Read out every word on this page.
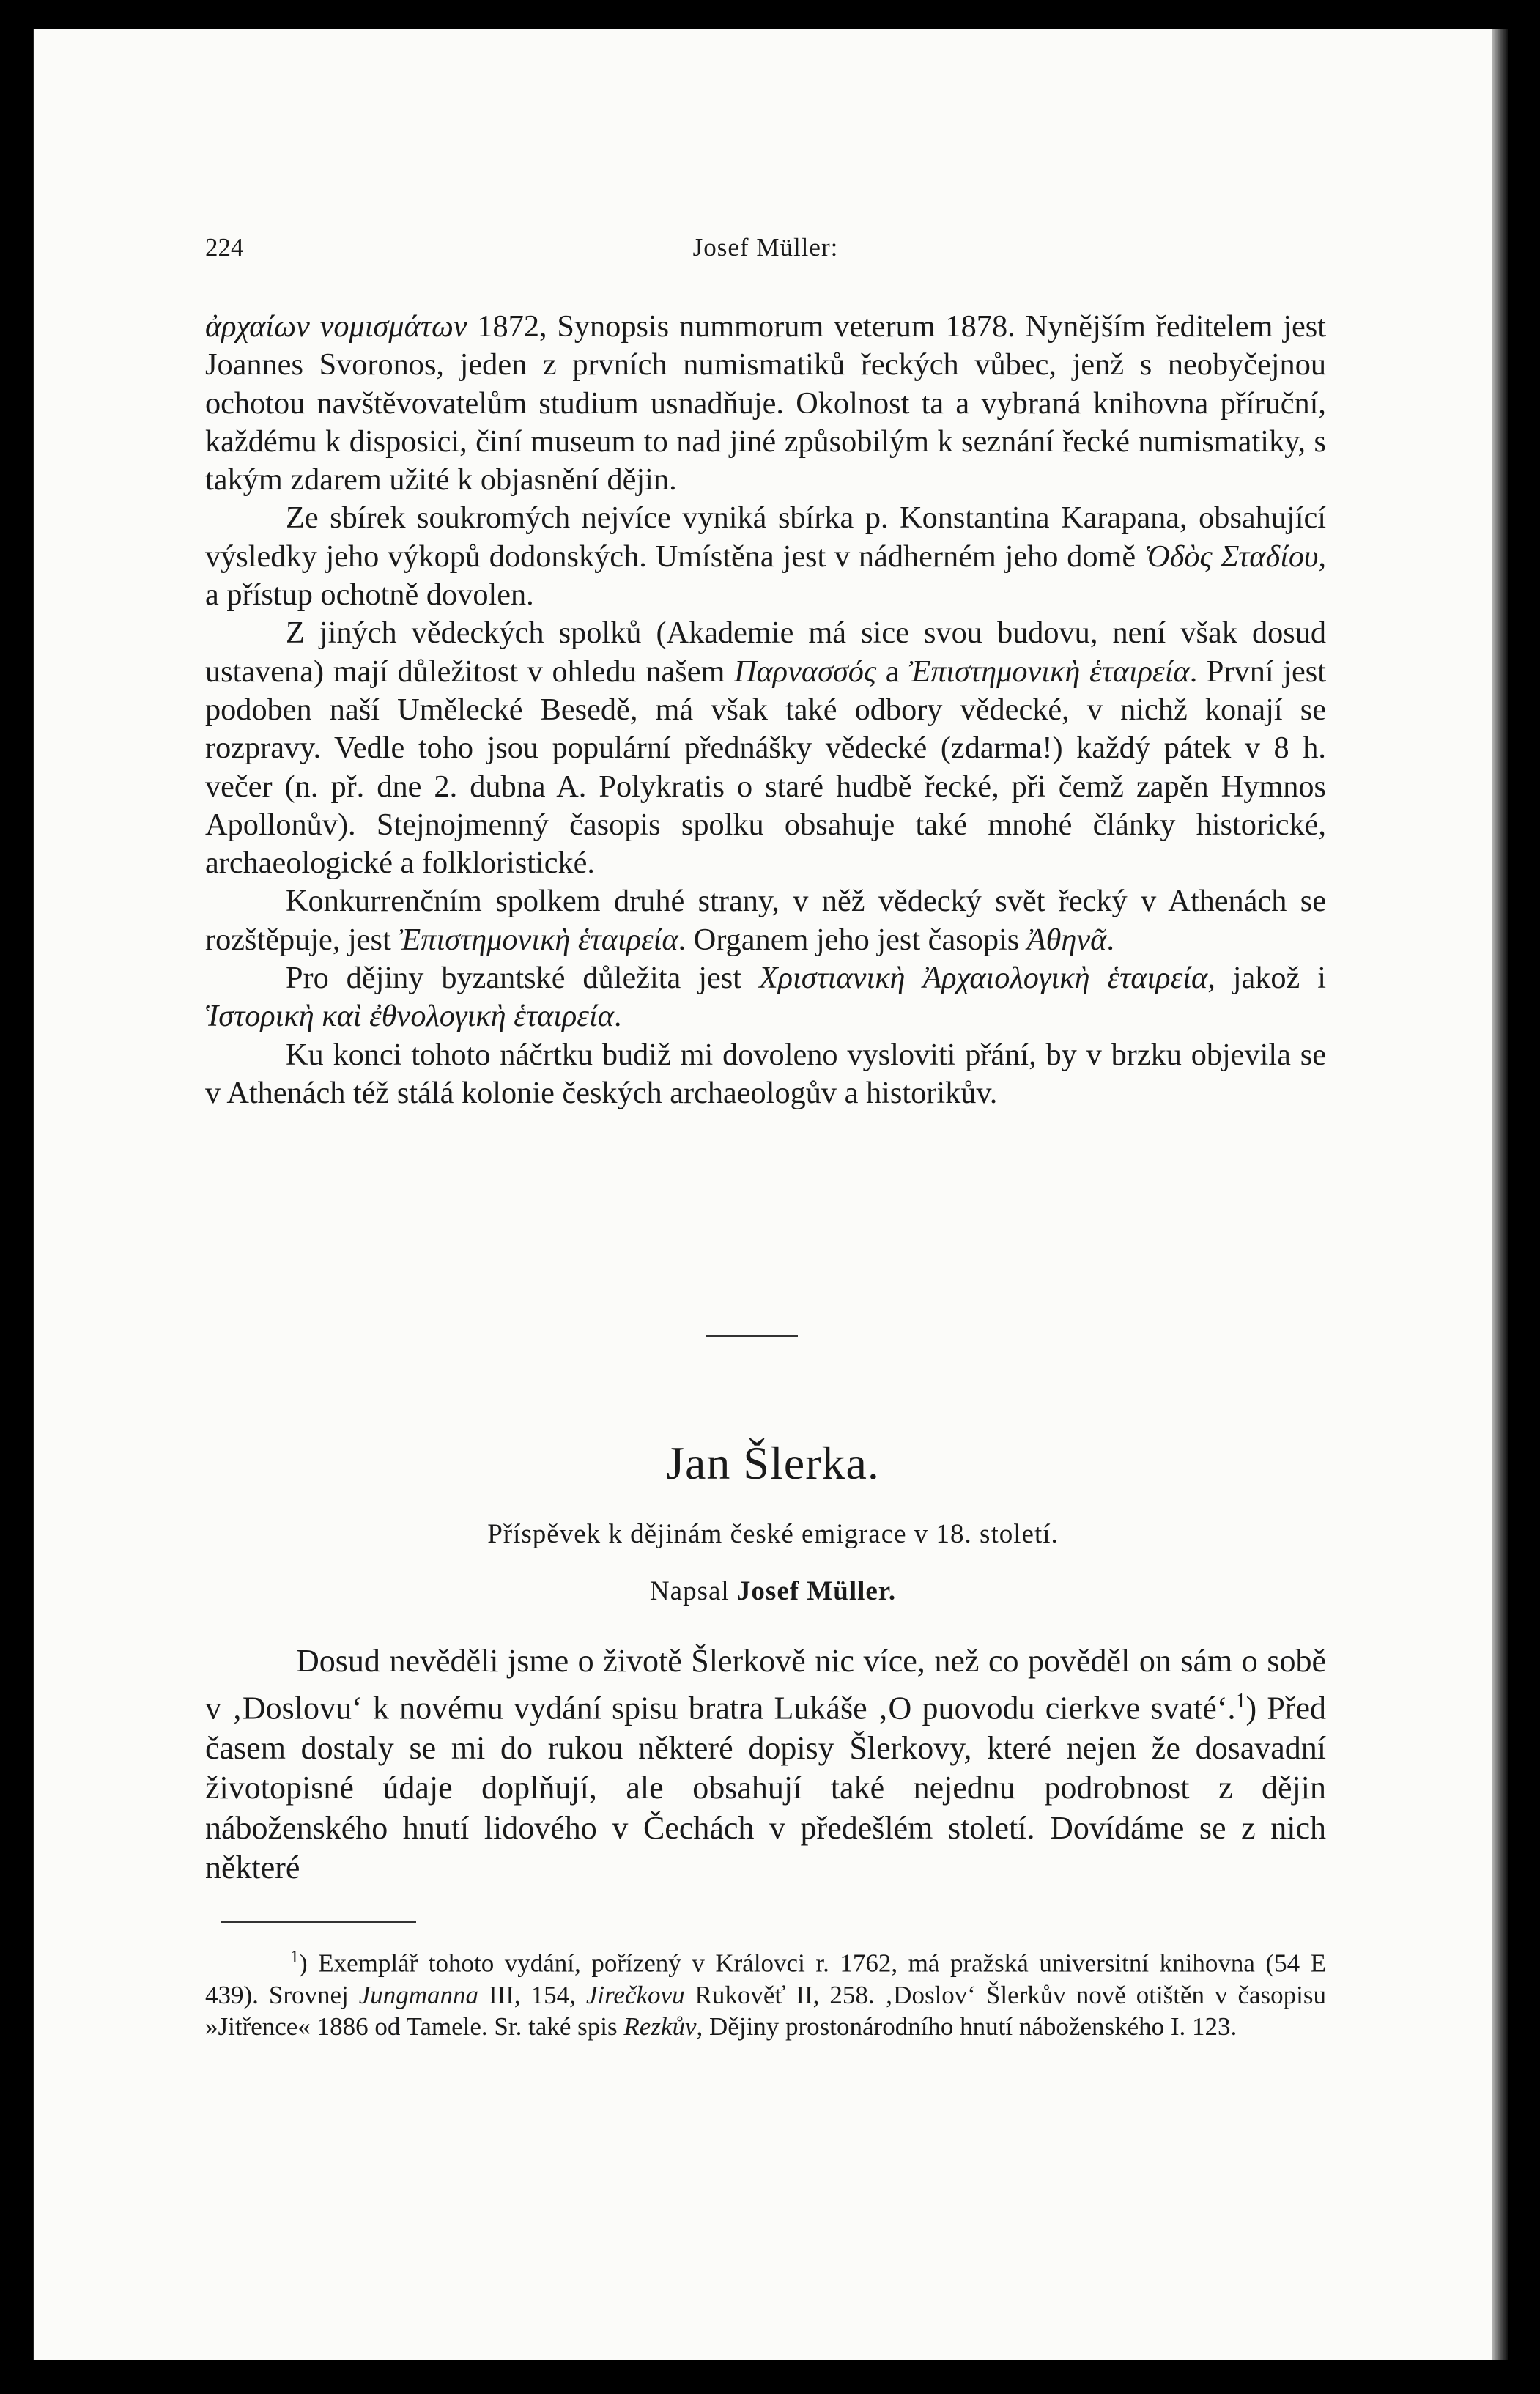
224	Josef Müller:

ἀρχαίων νομισμάτων 1872, Synopsis nummorum veterum 1878. Nynějším ředitelem jest Joannes Svoronos, jeden z prvních numismatiků řeckých vůbec, jenž s neobyčejnou ochotou navštěvovatelům studium usnadňuje. Okolnost ta a vybraná knihovna příruční, každému k disposici, činí museum to nad jiné způsobilým k seznání řecké numismatiky, s takým zdarem užité k objasnění dějin.

Ze sbírek soukromých nejvíce vyniká sbírka p. Konstantina Karapana, obsahující výsledky jeho výkopů dodonských. Umístěna jest v nádherném jeho domě Ὁδὸς Σταδίου, a přístup ochotně dovolen.

Z jiných vědeckých spolků (Akademie má sice svou budovu, není však dosud ustavena) mají důležitost v ohledu našem Παρνασσός a Ἐπιστημονικὴ ἑταιρεία. První jest podoben naší Umělecké Besedě, má však také odbory vědecké, v nichž konají se rozpravy. Vedle toho jsou populární přednášky vědecké (zdarma!) každý pátek v 8 h. večer (n. př. dne 2. dubna A. Polykratis o staré hudbě řecké, při čemž zapěn Hymnos Apollonův). Stejnojmenný časopis spolku obsahuje také mnohé články historické, archaeologické a folkloristické.

Konkurrenčním spolkem druhé strany, v něž vědecký svět řecký v Athenách se rozštěpuje, jest Ἐπιστημονικὴ ἑταιρεία. Organem jeho jest časopis Ἀθηνᾶ.

Pro dějiny byzantské důležita jest Χριστιανικὴ Ἀρχαιολογικὴ ἑταιρεία, jakož i Ἱστορικὴ καὶ ἐθνολογικὴ ἑταιρεία.

Ku konci tohoto náčrtku budiž mi dovoleno vysloviti přání, by v brzku objevila se v Athenách též stálá kolonie českých archaeologův a historikův.

Jan Šlerka.
Příspěvek k dějinám české emigrace v 18. století.
Napsal Josef Müller.

Dosud nevěděli jsme o životě Šlerkově nic více, než co pověděl on sám o sobě v ‚Doslovu‘ k novému vydání spisu bratra Lukáše ‚O puovodu cierkve svaté‘.$^1$) Před časem dostaly se mi do rukou některé dopisy Šlerkovy, které nejen že dosavadní životopisné údaje doplňují, ale obsahují také nejednu podrobnost z dějin náboženského hnutí lidového v Čechách v předešlém století. Dovídáme se z nich některé

$^1$) Exemplář tohoto vydání, pořízený v Královci r. 1762, má pražská universitní knihovna (54 E 439). Srovnej Jungmanna III, 154, Jirečkovu Rukověť II, 258. ‚Doslov‘ Šlerkův nově otištěn v časopisu »Jitřence« 1886 od Tamele. Sr. také spis Rezkův, Dějiny prostonárodního hnutí náboženského I. 123.
